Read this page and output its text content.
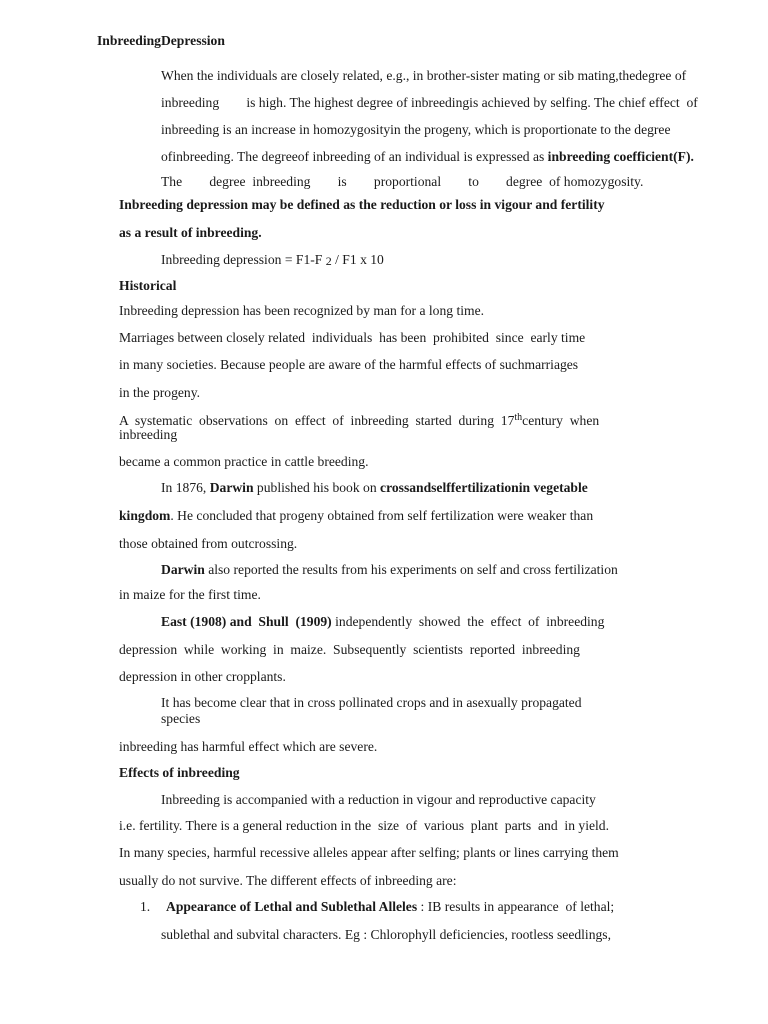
InbreedingDepression
When the individuals are closely related, e.g., in brother-sister mating or sib mating,thedegree of
inbreeding        is high. The highest degree of inbreedingis achieved by selfing. The chief effect  of
inbreeding is an increase in homozygosityin the progeny, which is proportionate to the degree
ofinbreeding. The degreeof inbreeding of an individual is expressed as inbreeding coefficient(F).
The        degree  inbreeding        is        proportional        to        degree  of homozygosity.
Inbreeding depression may be defined as the reduction or loss in vigour and fertility
as a result of inbreeding.
Inbreeding depression = F1-F 2 / F1 x 10
Historical
Inbreeding depression has been recognized by man for a long time.
Marriages between closely related  individuals  has been  prohibited  since  early time
in many societies. Because people are aware of the harmful effects of suchmarriages
in the progeny.
A  systematic  observations  on  effect  of  inbreeding  started  during  17thcentury  when
inbreeding
became a common practice in cattle breeding.
In 1876, Darwin published his book on crossandselffertilizationin vegetable
kingdom. He concluded that progeny obtained from self fertilization were weaker than
those obtained from outcrossing.
Darwin also reported the results from his experiments on self and cross fertilization
in maize for the first time.
East (1908) and  Shull  (1909) independently  showed  the  effect  of  inbreeding
depression  while  working  in  maize.  Subsequently  scientists  reported  inbreeding
depression in other cropplants.
It has become clear that in cross pollinated crops and in asexually propagated
species
inbreeding has harmful effect which are severe.
Effects of inbreeding
Inbreeding is accompanied with a reduction in vigour and reproductive capacity
i.e. fertility. There is a general reduction in the  size  of  various  plant  parts  and  in yield.
In many species, harmful recessive alleles appear after selfing; plants or lines carrying them
usually do not survive. The different effects of inbreeding are:
1. Appearance of Lethal and Sublethal Alleles : IB results in appearance  of lethal;
sublethal and subvital characters. Eg : Chlorophyll deficiencies, rootless seedlings,
